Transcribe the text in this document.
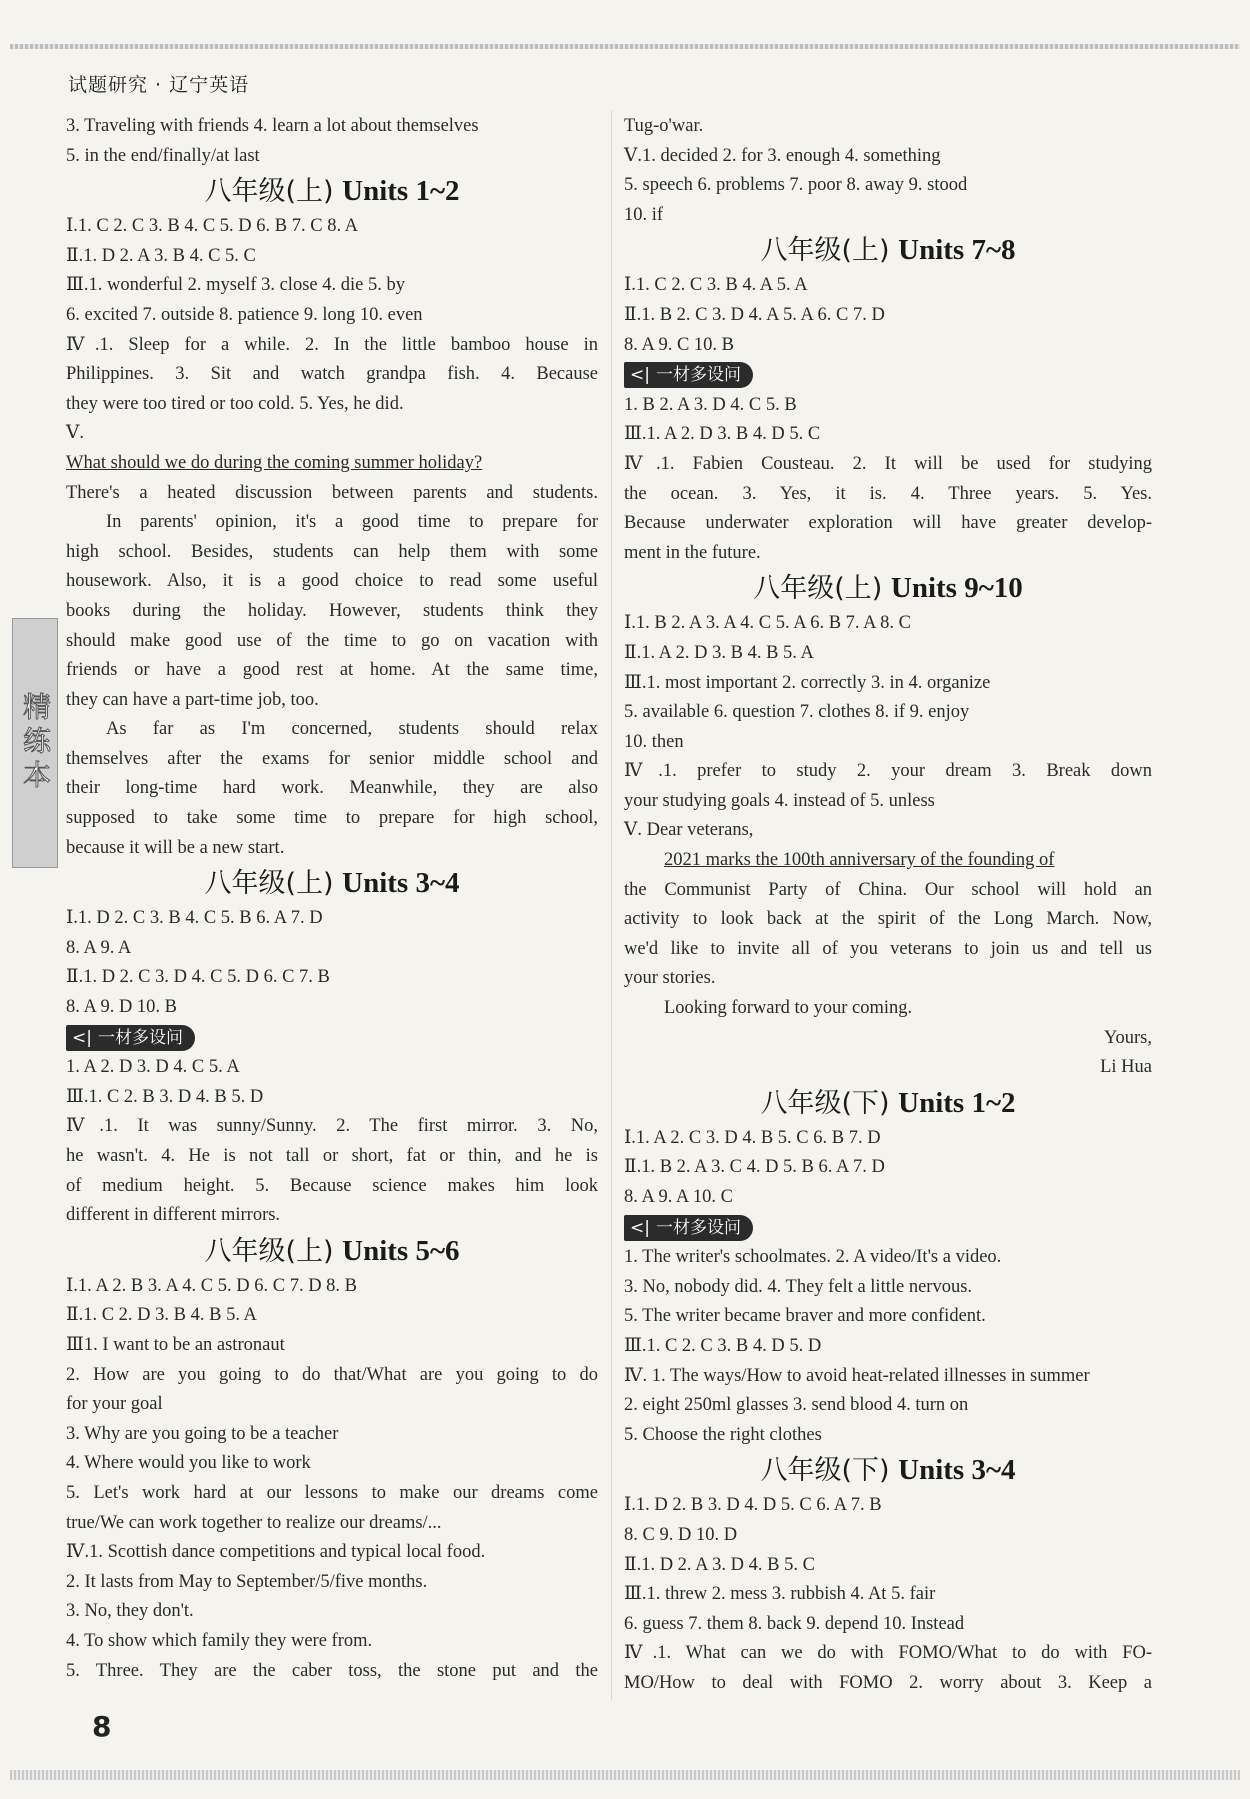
试题研究 · 辽宁英语
精练本
3. Traveling with friends 4. learn a lot about themselves
5. in the end/finally/at last
八年级(上) Units 1~2
Ⅰ.1. C 2. C 3. B 4. C 5. D 6. B 7. C 8. A
Ⅱ.1. D 2. A 3. B 4. C 5. C
Ⅲ.1. wonderful 2. myself 3. close 4. die 5. by
6. excited 7. outside 8. patience 9. long 10. even
Ⅳ.1. Sleep for a while. 2. In the little bamboo house in
Philippines. 3. Sit and watch grandpa fish. 4. Because
they were too tired or too cold. 5. Yes, he did.
Ⅴ.
What should we do during the coming summer holiday?
There's a heated discussion between parents and students.
In parents' opinion, it's a good time to prepare for
high school. Besides, students can help them with some
housework. Also, it is a good choice to read some useful
books during the holiday. However, students think they
should make good use of the time to go on vacation with
friends or have a good rest at home. At the same time,
they can have a part-time job, too.
As far as I'm concerned, students should relax
themselves after the exams for senior middle school and
their long-time hard work. Meanwhile, they are also
supposed to take some time to prepare for high school,
because it will be a new start.
八年级(上) Units 3~4
Ⅰ.1. D 2. C 3. B 4. C 5. B 6. A 7. D
8. A 9. A
Ⅱ.1. D 2. C 3. D 4. C 5. D 6. C 7. B
8. A 9. D 10. B
<| 一材多设问
1. A 2. D 3. D 4. C 5. A
Ⅲ.1. C 2. B 3. D 4. B 5. D
Ⅳ.1. It was sunny/Sunny. 2. The first mirror. 3. No,
he wasn't. 4. He is not tall or short, fat or thin, and he is
of medium height. 5. Because science makes him look
different in different mirrors.
八年级(上) Units 5~6
Ⅰ.1. A 2. B 3. A 4. C 5. D 6. C 7. D 8. B
Ⅱ.1. C 2. D 3. B 4. B 5. A
Ⅲ1. I want to be an astronaut
2. How are you going to do that/What are you going to do
for your goal
3. Why are you going to be a teacher
4. Where would you like to work
5. Let's work hard at our lessons to make our dreams come
true/We can work together to realize our dreams/...
Ⅳ.1. Scottish dance competitions and typical local food.
2. It lasts from May to September/5/five months.
3. No, they don't.
4. To show which family they were from.
5. Three. They are the caber toss, the stone put and the
Tug-o'war.
Ⅴ.1. decided 2. for 3. enough 4. something
5. speech 6. problems 7. poor 8. away 9. stood
10. if
八年级(上) Units 7~8
Ⅰ.1. C 2. C 3. B 4. A 5. A
Ⅱ.1. B 2. C 3. D 4. A 5. A 6. C 7. D
8. A 9. C 10. B
<| 一材多设问
1. B 2. A 3. D 4. C 5. B
Ⅲ.1. A 2. D 3. B 4. D 5. C
Ⅳ.1. Fabien Cousteau. 2. It will be used for studying
the ocean. 3. Yes, it is. 4. Three years. 5. Yes.
Because underwater exploration will have greater develop-
ment in the future.
八年级(上) Units 9~10
Ⅰ.1. B 2. A 3. A 4. C 5. A 6. B 7. A 8. C
Ⅱ.1. A 2. D 3. B 4. B 5. A
Ⅲ.1. most important 2. correctly 3. in 4. organize
5. available 6. question 7. clothes 8. if 9. enjoy
10. then
Ⅳ.1. prefer to study 2. your dream 3. Break down
your studying goals 4. instead of 5. unless
Ⅴ. Dear veterans,
2021 marks the 100th anniversary of the founding of
the Communist Party of China. Our school will hold an
activity to look back at the spirit of the Long March. Now,
we'd like to invite all of you veterans to join us and tell us
your stories.
Looking forward to your coming.
Yours,
Li Hua
八年级(下) Units 1~2
Ⅰ.1. A 2. C 3. D 4. B 5. C 6. B 7. D
Ⅱ.1. B 2. A 3. C 4. D 5. B 6. A 7. D
8. A 9. A 10. C
<| 一材多设问
1. The writer's schoolmates. 2. A video/It's a video.
3. No, nobody did. 4. They felt a little nervous.
5. The writer became braver and more confident.
Ⅲ.1. C 2. C 3. B 4. D 5. D
Ⅳ. 1. The ways/How to avoid heat-related illnesses in summer
2. eight 250ml glasses 3. send blood 4. turn on
5. Choose the right clothes
八年级(下) Units 3~4
Ⅰ.1. D 2. B 3. D 4. D 5. C 6. A 7. B
8. C 9. D 10. D
Ⅱ.1. D 2. A 3. D 4. B 5. C
Ⅲ.1. threw 2. mess 3. rubbish 4. At 5. fair
6. guess 7. them 8. back 9. depend 10. Instead
Ⅳ.1. What can we do with FOMO/What to do with FO-
MO/How to deal with FOMO 2. worry about 3. Keep a
8
